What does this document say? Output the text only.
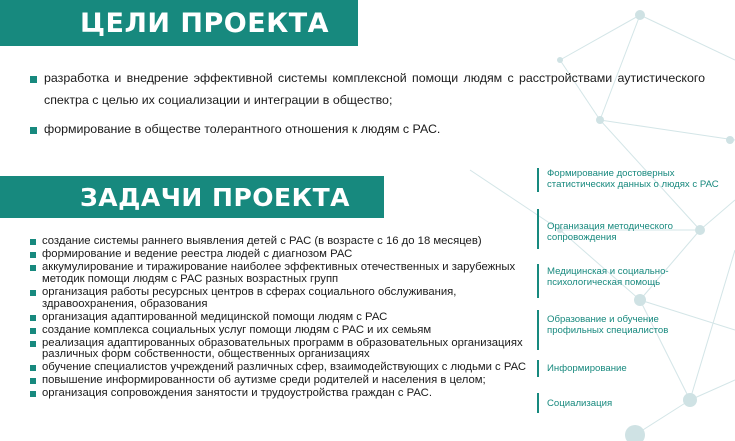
ЦЕЛИ ПРОЕКТА
разработка и внедрение эффективной системы комплексной помощи людям с расстройствами аутистического спектра с целью их социализации и интеграции в общество;
формирование в обществе толерантного отношения к людям с РАС.
ЗАДАЧИ ПРОЕКТА
создание системы раннего выявления детей с РАС (в возрасте с 16 до 18 месяцев)
формирование и ведение реестра людей с диагнозом РАС
аккумулирование и тиражирование наиболее эффективных отечественных и зарубежных методик помощи людям с РАС разных возрастных групп
организация работы ресурсных центров в сферах социального обслуживания, здравоохранения, образования
организация адаптированной медицинской помощи людям с РАС
создание комплекса социальных услуг помощи людям с РАС и их семьям
реализация адаптированных образовательных программ в образовательных организациях различных форм собственности, общественных организациях
обучение специалистов учреждений различных сфер, взаимодействующих с людьми с РАС
повышение информированности об аутизме среди родителей и населения в целом;
организация сопровождения занятости и трудоустройства граждан с РАС.
Формирование достоверных статистических данных о людях с РАС
Организация методического сопровождения
Медицинская и социально-психологическая помощь
Образование и обучение профильных специалистов
Информирование
Социализация
